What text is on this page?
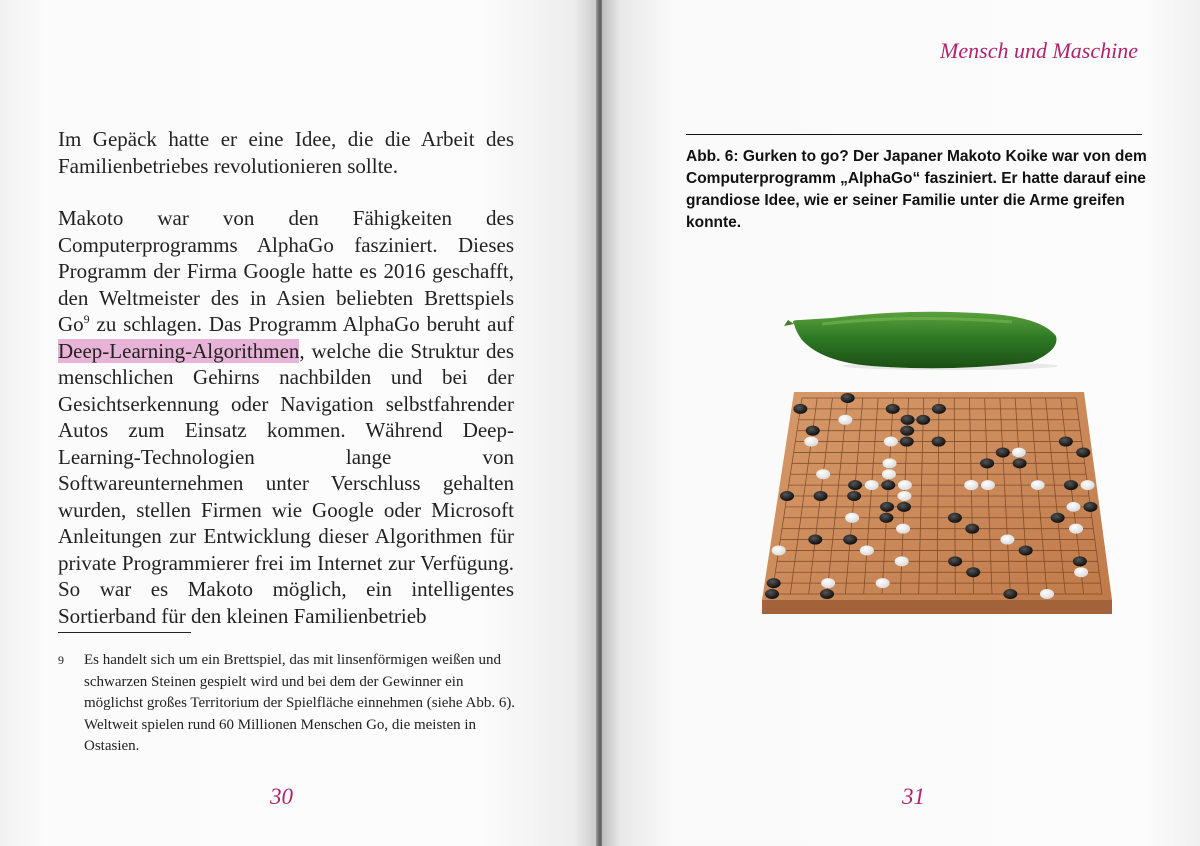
Im Gepäck hatte er eine Idee, die die Arbeit des Familienbetriebes revolutionieren sollte.

Makoto war von den Fähigkeiten des Computerprogramms AlphaGo fasziniert. Dieses Programm der Firma Google hatte es 2016 geschafft, den Weltmeister des in Asien beliebten Brettspiels Go$^9$ zu schlagen. Das Programm AlphaGo beruht auf Deep-Learning-Algorithmen, welche die Struktur des menschlichen Gehirns nachbilden und bei der Gesichtserkennung oder Navigation selbstfahrender Autos zum Einsatz kommen. Während Deep-Learning-Technologien lange von Softwareunternehmen unter Verschluss gehalten wurden, stellen Firmen wie Google oder Microsoft Anleitungen zur Entwicklung dieser Algorithmen für private Programmierer frei im Internet zur Verfügung. So war es Makoto möglich, ein intelligentes Sortierband für den kleinen Familienbetrieb

9 Es handelt sich um ein Brettspiel, das mit linsenförmigen weißen und schwarzen Steinen gespielt wird und bei dem der Gewinner ein möglichst großes Territorium der Spielfläche einnehmen (siehe Abb. 6). Weltweit spielen rund 60 Millionen Menschen Go, die meisten in Ostasien.
30
Mensch und Maschine
Abb. 6: Gurken to go? Der Japaner Makoto Koike war von dem Computerprogramm „AlphaGo“ fasziniert. Er hatte darauf eine grandiose Idee, wie er seiner Familie unter die Arme greifen konnte.
31
